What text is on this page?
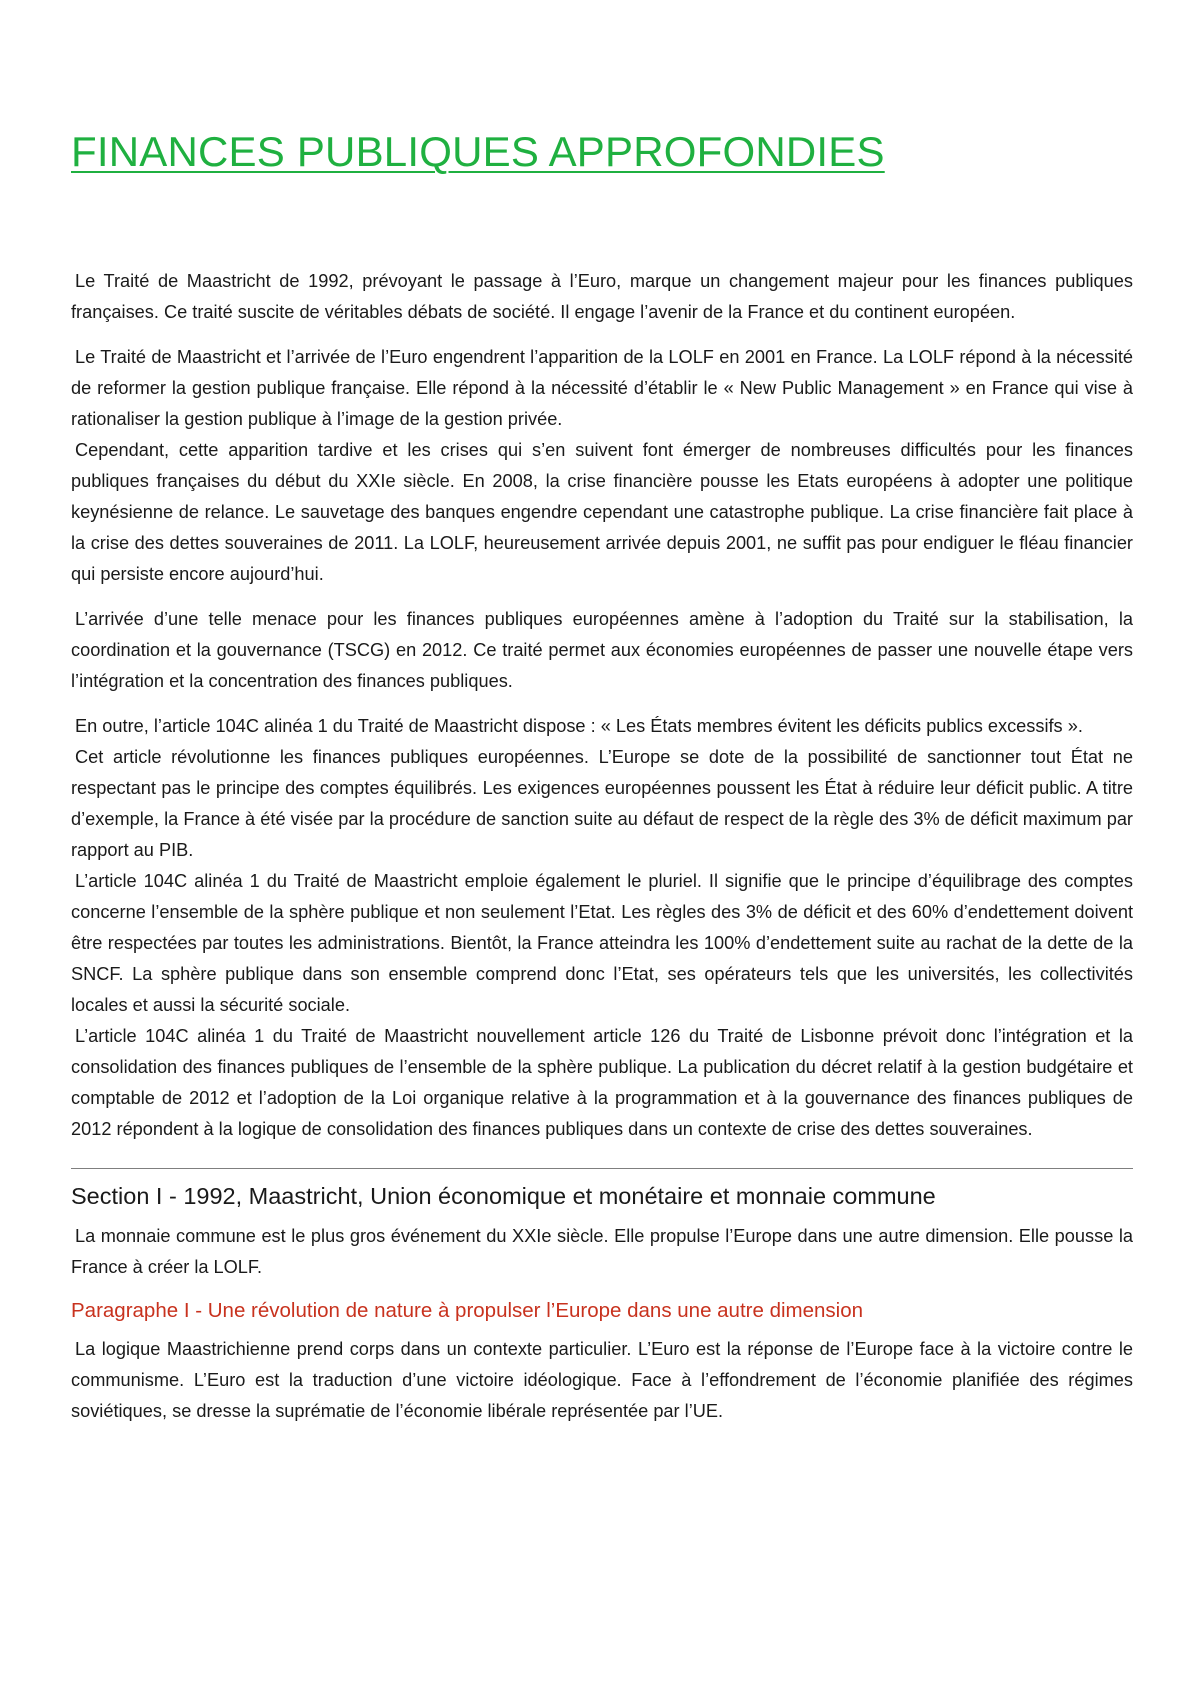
FINANCES PUBLIQUES APPROFONDIES

Le Traité de Maastricht de 1992, prévoyant le passage à l’Euro, marque un changement majeur pour les finances publiques françaises. Ce traité suscite de véritables débats de société. Il engage l’avenir de la France et du continent européen.

Le Traité de Maastricht et l’arrivée de l’Euro engendrent l’apparition de la LOLF en 2001 en France. La LOLF répond à la nécessité de reformer la gestion publique française. Elle répond à la nécessité d’établir le « New Public Management » en France qui vise à rationaliser la gestion publique à l’image de la gestion privée.

Cependant, cette apparition tardive et les crises qui s’en suivent font émerger de nombreuses difficultés pour les finances publiques françaises du début du XXIe siècle. En 2008, la crise financière pousse les Etats européens à adopter une politique keynésienne de relance. Le sauvetage des banques engendre cependant une catastrophe publique. La crise financière fait place à la crise des dettes souveraines de 2011. La LOLF, heureusement arrivée depuis 2001, ne suffit pas pour endiguer le fléau financier qui persiste encore aujourd’hui.

L’arrivée d’une telle menace pour les finances publiques européennes amène à l’adoption du Traité sur la stabilisation, la coordination et la gouvernance (TSCG) en 2012. Ce traité permet aux économies européennes de passer une nouvelle étape vers l’intégration et la concentration des finances publiques.

En outre, l’article 104C alinéa 1 du Traité de Maastricht dispose : « Les États membres évitent les déficits publics excessifs ».

Cet article révolutionne les finances publiques européennes. L’Europe se dote de la possibilité de sanctionner tout État ne respectant pas le principe des comptes équilibrés. Les exigences européennes poussent les État à réduire leur déficit public. A titre d’exemple, la France à été visée par la procédure de sanction suite au défaut de respect de la règle des 3% de déficit maximum par rapport au PIB.

L’article 104C alinéa 1 du Traité de Maastricht emploie également le pluriel. Il signifie que le principe d’équilibrage des comptes concerne l’ensemble de la sphère publique et non seulement l’Etat. Les règles des 3% de déficit et des 60% d’endettement doivent être respectées par toutes les administrations. Bientôt, la France atteindra les 100% d’endettement suite au rachat de la dette de la SNCF. La sphère publique dans son ensemble comprend donc l’Etat, ses opérateurs tels que les universités, les collectivités locales et aussi la sécurité sociale.

L’article 104C alinéa 1 du Traité de Maastricht nouvellement article 126 du Traité de Lisbonne prévoit donc l’intégration et la consolidation des finances publiques de l’ensemble de la sphère publique. La publication du décret relatif à la gestion budgétaire et comptable de 2012 et l’adoption de la Loi organique relative à la programmation et à la gouvernance des finances publiques de 2012 répondent à la logique de consolidation des finances publiques dans un contexte de crise des dettes souveraines.

Section I - 1992, Maastricht, Union économique et monétaire et monnaie commune

La monnaie commune est le plus gros événement du XXIe siècle. Elle propulse l’Europe dans une autre dimension. Elle pousse la France à créer la LOLF.

Paragraphe I - Une révolution de nature à propulser l’Europe dans une autre dimension

La logique Maastrichienne prend corps dans un contexte particulier. L’Euro est la réponse de l’Europe face à la victoire contre le communisme. L’Euro est la traduction d’une victoire idéologique. Face à l’effondrement de l’économie planifiée des régimes soviétiques, se dresse la suprématie de l’économie libérale représentée par l’UE.
